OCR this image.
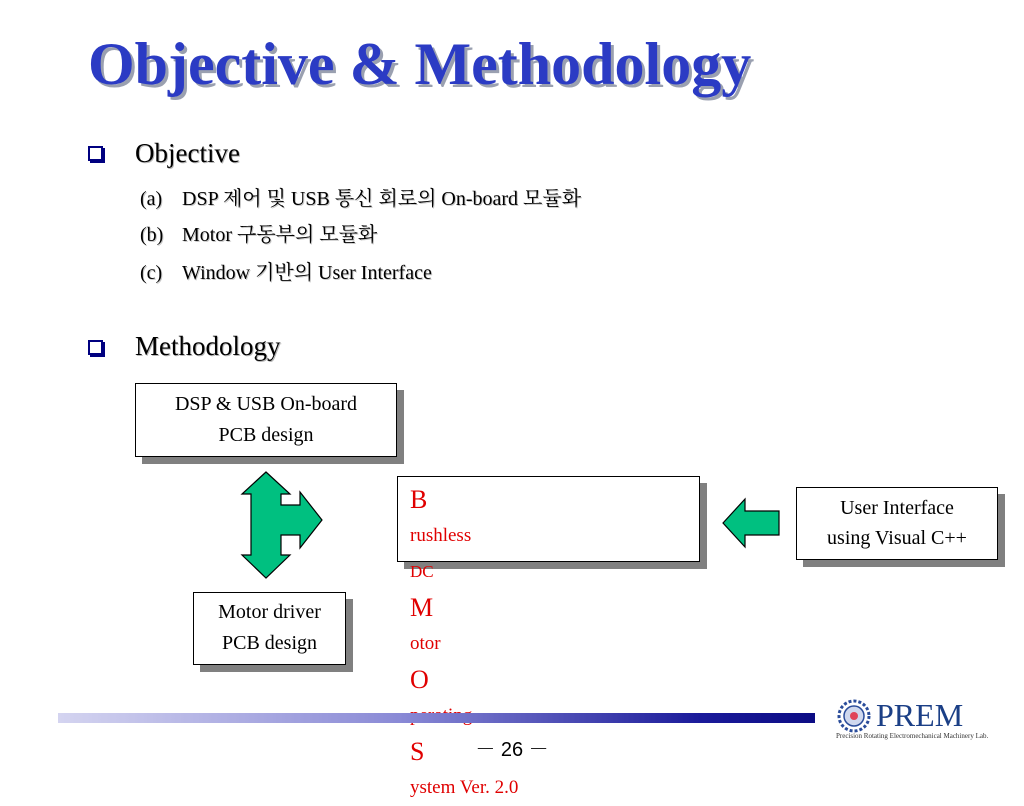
Objective & Methodology
Objective
(a) DSP 제어 및 USB 통신 회로의 On-board 모듈화
(b) Motor 구동부의 모듈화
(c) Window 기반의 User Interface
Methodology
DSP & USB On-board
PCB design
Motor driver
PCB design
B
rushless
DC
M
otor
O
S
ystem Ver. 2.0
User Interface
using Visual C++
－ 26 －
PREM
Precision Rotating Electromechanical Machinery Lab.
